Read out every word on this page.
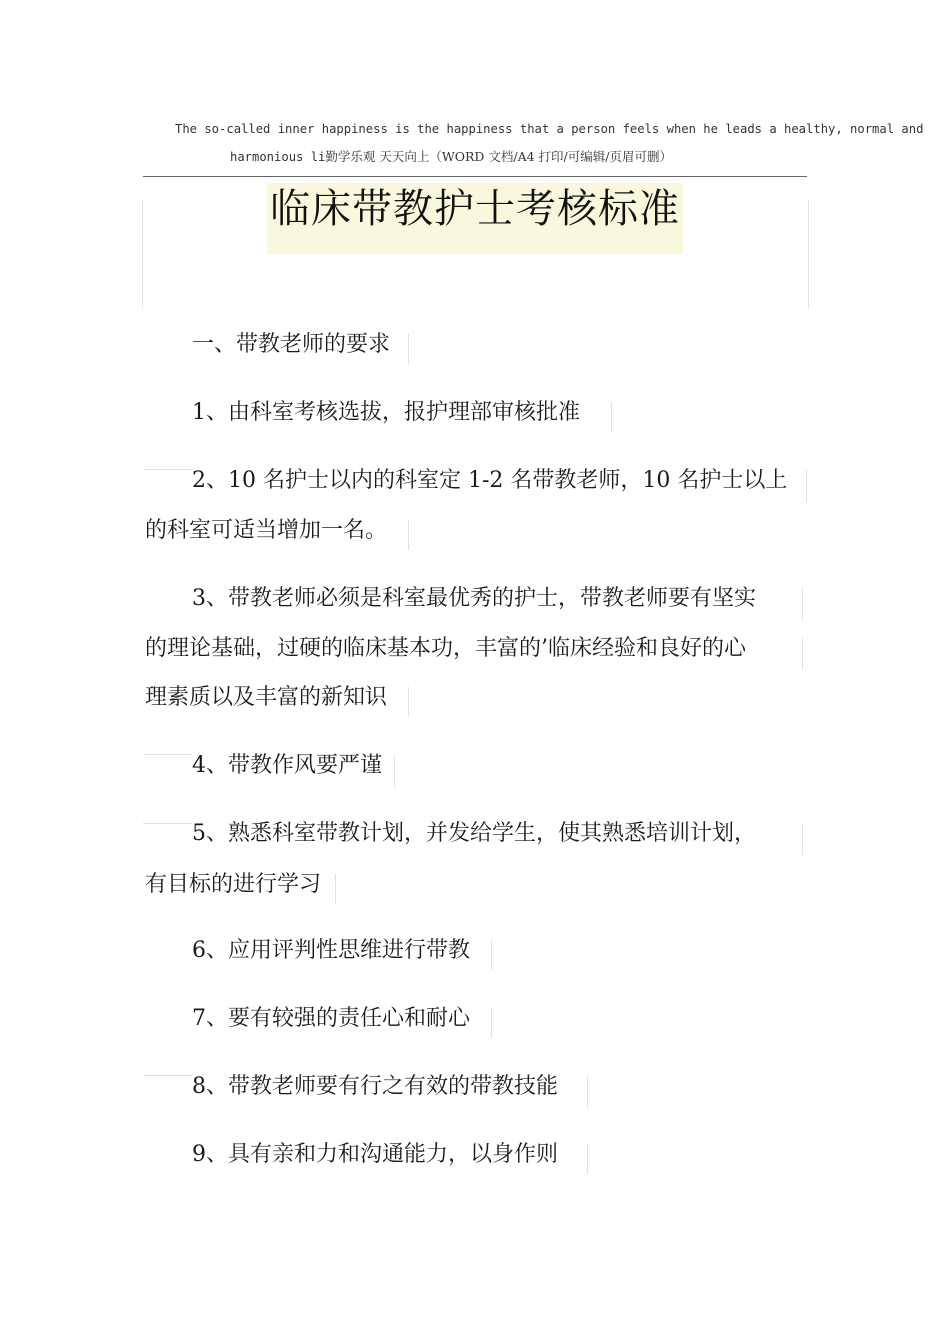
The so-called inner happiness is the happiness that a person feels when he leads a healthy, normal and
harmonious li勤学乐观 天天向上（WORD 文档/A4 打印/可编辑/页眉可删）
临床带教护士考核标准
一、带教老师的要求
1、由科室考核选拔，报护理部审核批准
2、10 名护士以内的科室定 1-2 名带教老师，10 名护士以上
的科室可适当增加一名。
3、带教老师必须是科室最优秀的护士，带教老师要有坚实
的理论基础，过硬的临床基本功，丰富的’临床经验和良好的心
理素质以及丰富的新知识
4、带教作风要严谨
5、熟悉科室带教计划，并发给学生，使其熟悉培训计划，
有目标的进行学习
6、应用评判性思维进行带教
7、要有较强的责任心和耐心
8、带教老师要有行之有效的带教技能
9、具有亲和力和沟通能力，以身作则
